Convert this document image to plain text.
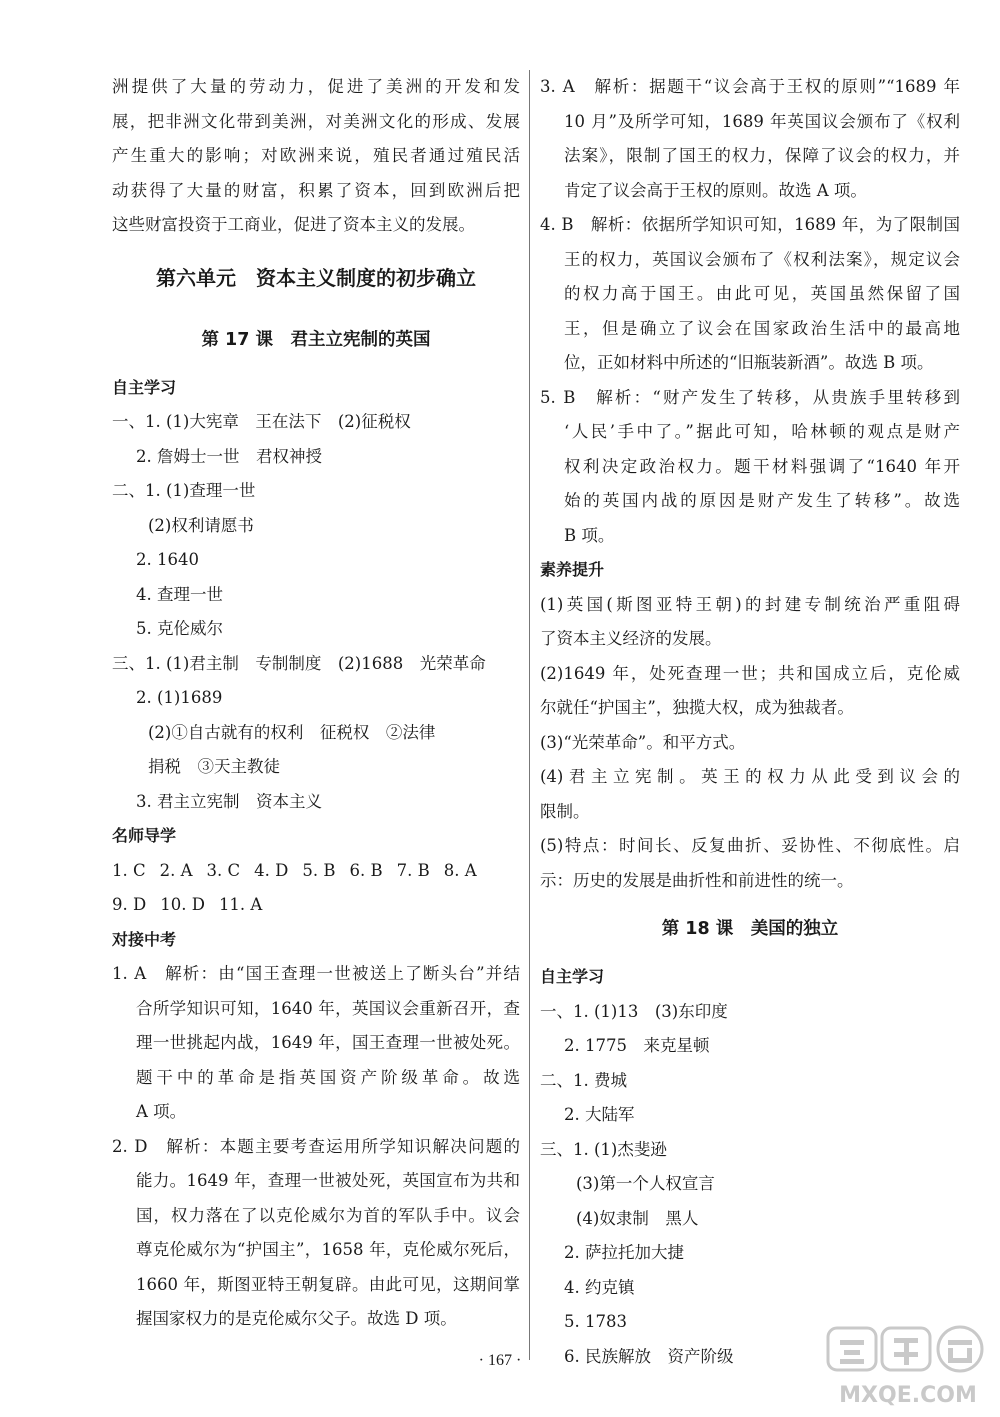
洲提供了大量的劳动力，促进了美洲的开发和发
展，把非洲文化带到美洲，对美洲文化的形成、发展
产生重大的影响；对欧洲来说，殖民者通过殖民活
动获得了大量的财富，积累了资本，回到欧洲后把
这些财富投资于工商业，促进了资本主义的发展。
第六单元　资本主义制度的初步确立
第 17 课　君主立宪制的英国
自主学习
一、1. (1)大宪章　王在法下　(2)征税权
2. 詹姆士一世　君权神授
二、1. (1)查理一世
(2)权利请愿书
2. 1640
4. 查理一世
5. 克伦威尔
三、1. (1)君主制　专制制度　(2)1688　光荣革命
2. (1)1689
(2)①自古就有的权利　征税权　②法律
捐税　③天主教徒
3. 君主立宪制　资本主义
名师导学
1. C 2. A 3. C 4. D 5. B 6. B 7. B 8. A
9. D 10. D 11. A
对接中考
1. A　解析：由“国王查理一世被送上了断头台”并结
合所学知识可知，1640 年，英国议会重新召开，查
理一世挑起内战，1649 年，国王查理一世被处死。
题干中的革命是指英国资产阶级革命。故选
A 项。
2. D　解析：本题主要考查运用所学知识解决问题的
能力。1649 年，查理一世被处死，英国宣布为共和
国，权力落在了以克伦威尔为首的军队手中。议会
尊克伦威尔为“护国主”，1658 年，克伦威尔死后，
1660 年，斯图亚特王朝复辟。由此可见，这期间掌
握国家权力的是克伦威尔父子。故选 D 项。
3. A　解析：据题干“议会高于王权的原则”“1689 年
10 月”及所学可知，1689 年英国议会颁布了《权利
法案》，限制了国王的权力，保障了议会的权力，并
肯定了议会高于王权的原则。故选 A 项。
4. B　解析：依据所学知识可知，1689 年，为了限制国
王的权力，英国议会颁布了《权利法案》，规定议会
的权力高于国王。由此可见，英国虽然保留了国
王，但是确立了议会在国家政治生活中的最高地
位，正如材料中所述的“旧瓶装新酒”。故选 B 项。
5. B　解析：“财产发生了转移，从贵族手里转移到
‘人民’手中了。”据此可知，哈林顿的观点是财产
权利决定政治权力。题干材料强调了“1640 年开
始的英国内战的原因是财产发生了转移”。故选
B 项。
素养提升
(1)英国(斯图亚特王朝)的封建专制统治严重阻碍
了资本主义经济的发展。
(2)1649 年，处死查理一世；共和国成立后，克伦威
尔就任“护国主”，独揽大权，成为独裁者。
(3)“光荣革命”。和平方式。
(4)君主立宪制。英王的权力从此受到议会的
限制。
(5)特点：时间长、反复曲折、妥协性、不彻底性。启
示：历史的发展是曲折性和前进性的统一。
第 18 课　美国的独立
自主学习
一、1. (1)13　(3)东印度
2. 1775　来克星顿
二、1. 费城
2. 大陆军
三、1. (1)杰斐逊
(3)第一个人权宣言
(4)奴隶制　黑人
2. 萨拉托加大捷
4. 约克镇
5. 1783
6. 民族解放　资产阶级
· 167 ·
MXQE.COM
